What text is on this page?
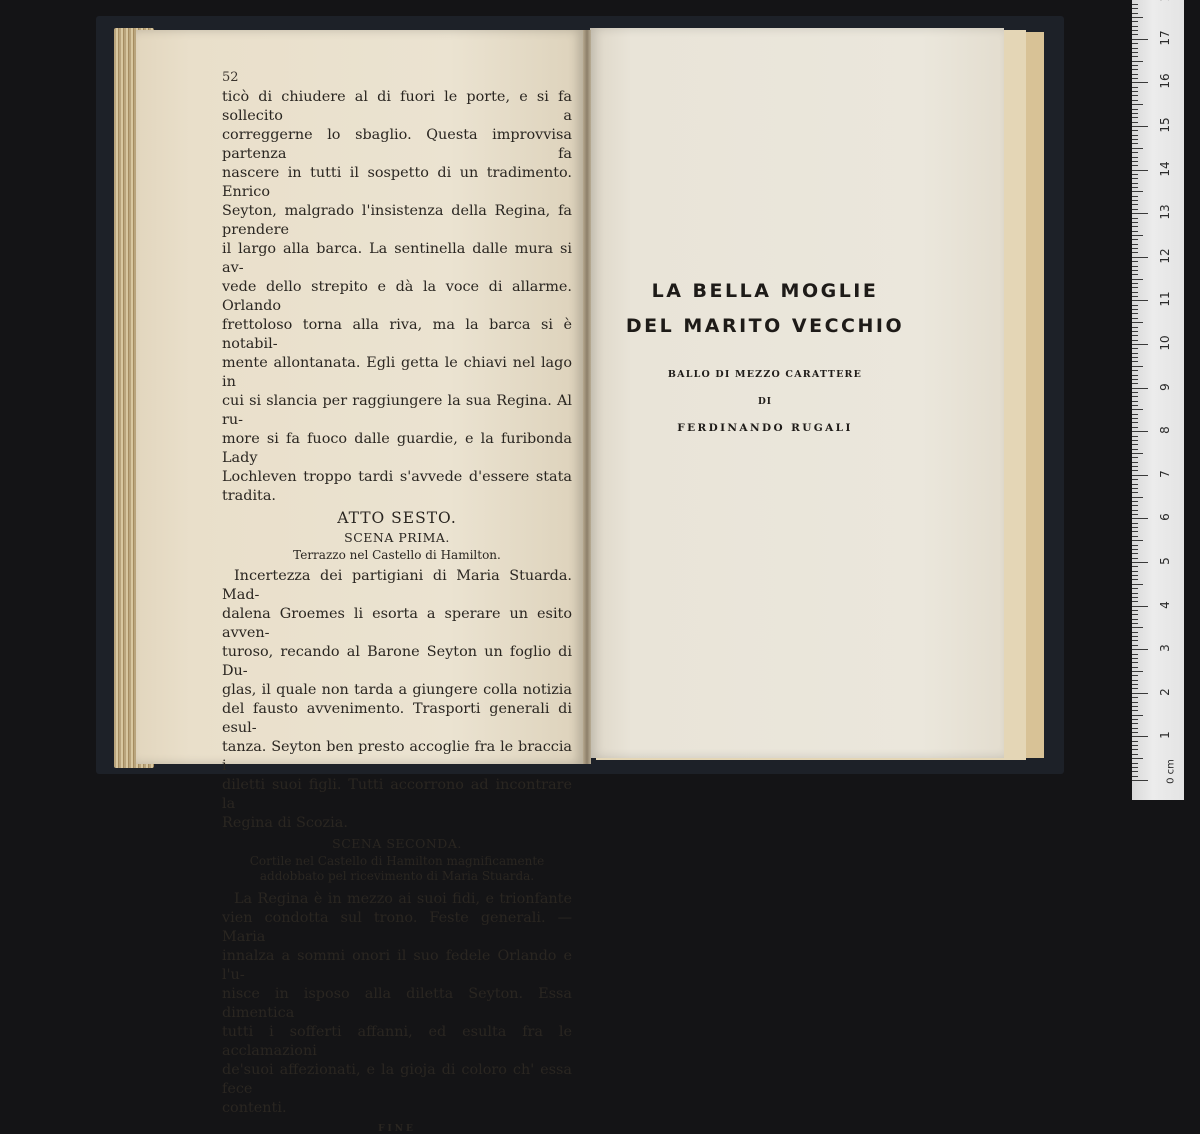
52

ticò di chiudere al di fuori le porte, e si fa sollecito a
correggerne lo sbaglio. Questa improvvisa partenza fa
nascere in tutti il sospetto di un tradimento. Enrico
Seyton, malgrado l'insistenza della Regina, fa prendere
il largo alla barca. La sentinella dalle mura si av-
vede dello strepito e dà la voce di allarme. Orlando
frettoloso torna alla riva, ma la barca si è notabil-
mente allontanata. Egli getta le chiavi nel lago in
cui si slancia per raggiungere la sua Regina. Al ru-
more si fa fuoco dalle guardie, e la furibonda Lady
Lochleven troppo tardi s'avvede d'essere stata tradita.

ATTO SESTO.
SCENA PRIMA.
Terrazzo nel Castello di Hamilton.

Incertezza dei partigiani di Maria Stuarda. Mad-
dalena Groemes li esorta a sperare un esito avven-
turoso, recando al Barone Seyton un foglio di Du-
glas, il quale non tarda a giungere colla notizia
del fausto avvenimento. Trasporti generali di esul-
tanza. Seyton ben presto accoglie fra le braccia i
diletti suoi figli. Tutti accorrono ad incontrare la
Regina di Scozia.

SCENA SECONDA.
Cortile nel Castello di Hamilton magnificamente
addobbato pel ricevimento di Maria Stuarda.

La Regina è in mezzo ai suoi fidi, e trionfante
vien condotta sul trono. Feste generali. — Maria
innalza a sommi onori il suo fedele Orlando e l'u-
nisce in isposo alla diletta Seyton. Essa dimentica
tutti i sofferti affanni, ed esulta fra le acclamazioni
de'suoi affezionati, e la gioja di coloro ch' essa fece
contenti.

FINE
LA BELLA MOGLIE
DEL MARITO VECCHIO
BALLO DI MEZZO CARATTERE
DI
FERDINANDO RUGALI
0 cm
1
2
3
4
5
6
7
8
9
10
11
12
13
14
15
16
17
